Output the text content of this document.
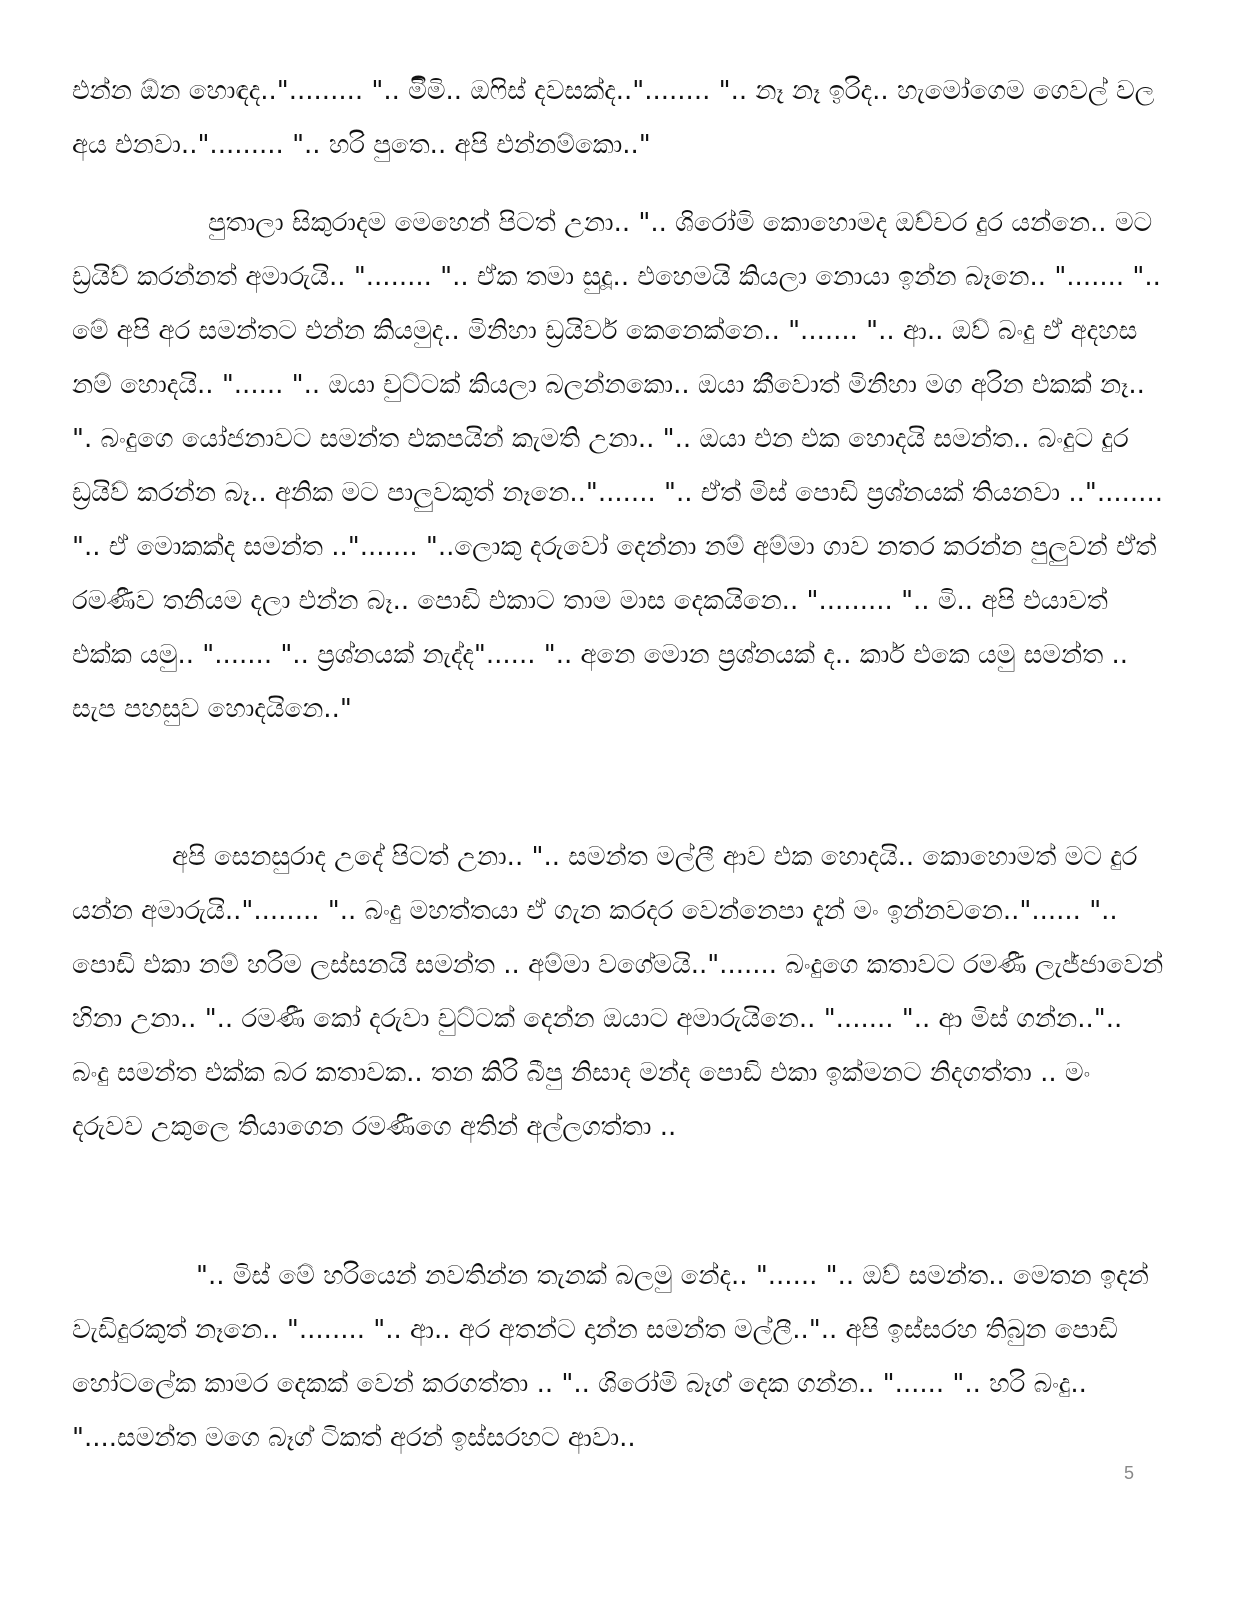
එන්න ඕන හොඳද.."......... ".. මිිමි.. ඔෆිස් දවසක්ද.."........ ".. නෑ නෑ ඉරිද.. හැමෝගෙම ගෙවල් වල අය එනවා.."......... ".. හරි පුතෙ.. අපි එන්නම්කො.."

පුතාලා සිකුරාදම මෙහෙන් පිටත් උනා.. ".. ශිරෝමි කොහොමද ඔච්චර දුර යන්නෙ.. මට ඩ්‍රයිව් කරන්නත් අමාරුයි.. "........ ".. ඒක තමා සුදූ.. එහෙමයි කියලා නොයා ඉන්න බෑනෙ.. "....... ".. මේ අපි අර සමන්තට එන්න කියමුද.. මිනිහා ඩ්‍රයිවර් කෙනෙක්නෙ.. "....... ".. ආ.. ඔව් බංදු ඒ අදහස නම් හොදයි.. "...... ".. ඔයා චුට්ටක් කියලා බලන්නකො.. ඔයා කීවොත් මිනිහා මග අරින එකක් නෑ.. ". බංදුගෙ යෝජනාවට සමන්ත එකපයින් කැමති උනා.. ".. ඔයා එන එක හොදයි සමන්ත.. බංදුට දුර ඩ්‍රයිව් කරන්න බෑ.. අනික මට පාලුවකුත් නෑනෙ.."....... ".. ඒත් මිස් පොඩි ප්‍රශ්නයක් තියනවා .."........ ".. ඒ මොකක්ද සමන්ත .."....... "..ලොකු දරුවෝ දෙන්නා නම් අම්මා ගාව නතර කරන්න පුලුවන් ඒත් රමණීව තනියම දලා එන්න බෑ.. පොඩි එකාට තාම මාස දෙකයිනෙ.. "......... ".. මි.. අපි එයාවත් එක්ක යමු.. "....... ".. ප්‍රශ්නයක් නැද්ද"...... ".. අනෙ මොන ප්‍රශ්නයක් ද.. කාර් එකෙ යමු සමන්ත .. සැප පහසුව හොදයිනෙ.."

අපි සෙනසුරාද උදේ පිටත් උනා.. ".. සමන්ත මල්ලී ආව එක හොදයි.. කොහොමත් මට දුර යන්න අමාරුයි.."........ ".. බංදු මහත්තයා ඒ ගැන කරදර වෙන්නෙපා දැන් මං ඉන්නවනෙ.."...... ".. පොඩි එකා නම් හරිම ලස්සනයි සමන්ත .. අම්මා වගේමයි.."....... බංදුගෙ කතාවට රමණී ලැජ්ජාවෙන් හිනා උනා.. ".. රමණී කෝ දරුවා චුට්ටක් දෙන්න ඔයාට අමාරුයිනෙ.. "....... ".. ආ මිස් ගන්න..".. බංදු සමන්ත එක්ක බර කතාවක.. තන කිරි බීපු නිසාද මන්ද පොඩි එකා ඉක්මනට නිදගත්තා .. මං දරුවව උකුලෙ තියාගෙන රමණීගෙ අතින් අල්ලගත්තා ..

".. මිස් මේ හරියෙන් නවතින්න තැනක් බලමු නේද.. "...... ".. ඔව් සමන්ත.. මෙතන ඉදන් වැඩිදුරකුත් නෑනෙ.. "........ ".. ආ.. අර අතන්ට දාන්න සමන්ත මල්ලී..".. අපි ඉස්සරහ තිබුන පොඩි හෝටලේක කාමර දෙකක් වෙන් කරගත්තා .. ".. ශිරෝමි බෑග් දෙක ගන්න.. "...... ".. හරි බංදු.. "....සමන්ත මගෙ බෑග් ටිකත් අරන් ඉස්සරහට ආවා..

5
